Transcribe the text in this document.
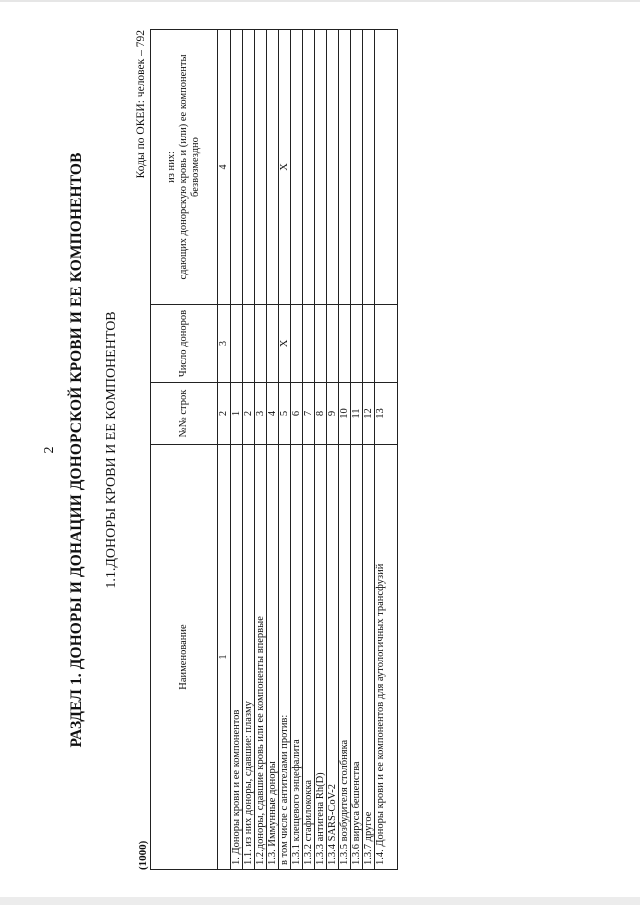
2 РАЗДЕЛ 1. ДОНОРЫ И ДОНАЦИИ ДОНОРСКОЙ КРОВИ И ЕЕ КОМПОНЕНТОВ 1.1.ДОНОРЫ КРОВИ И ЕЕ КОМПОНЕНТОВ
(1000)
Коды по ОКЕИ: человек – 792
Наименование	№№ строк	Число доноров	из них: сдающих донорскую кровь и (или) ее компоненты безвозмездно

1	2	3	4
1. Доноры крови и ее компонентов	1		
1.1. из них доноры, сдавшие: плазму	2		
1.2.доноры, сдавшие кровь или ее компоненты впервые	3		
1.3. Иммунные доноры	4		
в том числе с антителами против:	5	X	X
1.3.1 клещевого энцефалита	6		
1.3.2 стафилококка	7		
1.3.3 антигена Rh(D)	8		
1.3.4 SARS-CoV-2	9		
1.3.5 возбудителя столбняка	10		
1.3.6 вируса бешенства	11		
1.3.7 другое	12		
1.4. Доноры крови и ее компонентов для аутологичных трансфузий	13		
